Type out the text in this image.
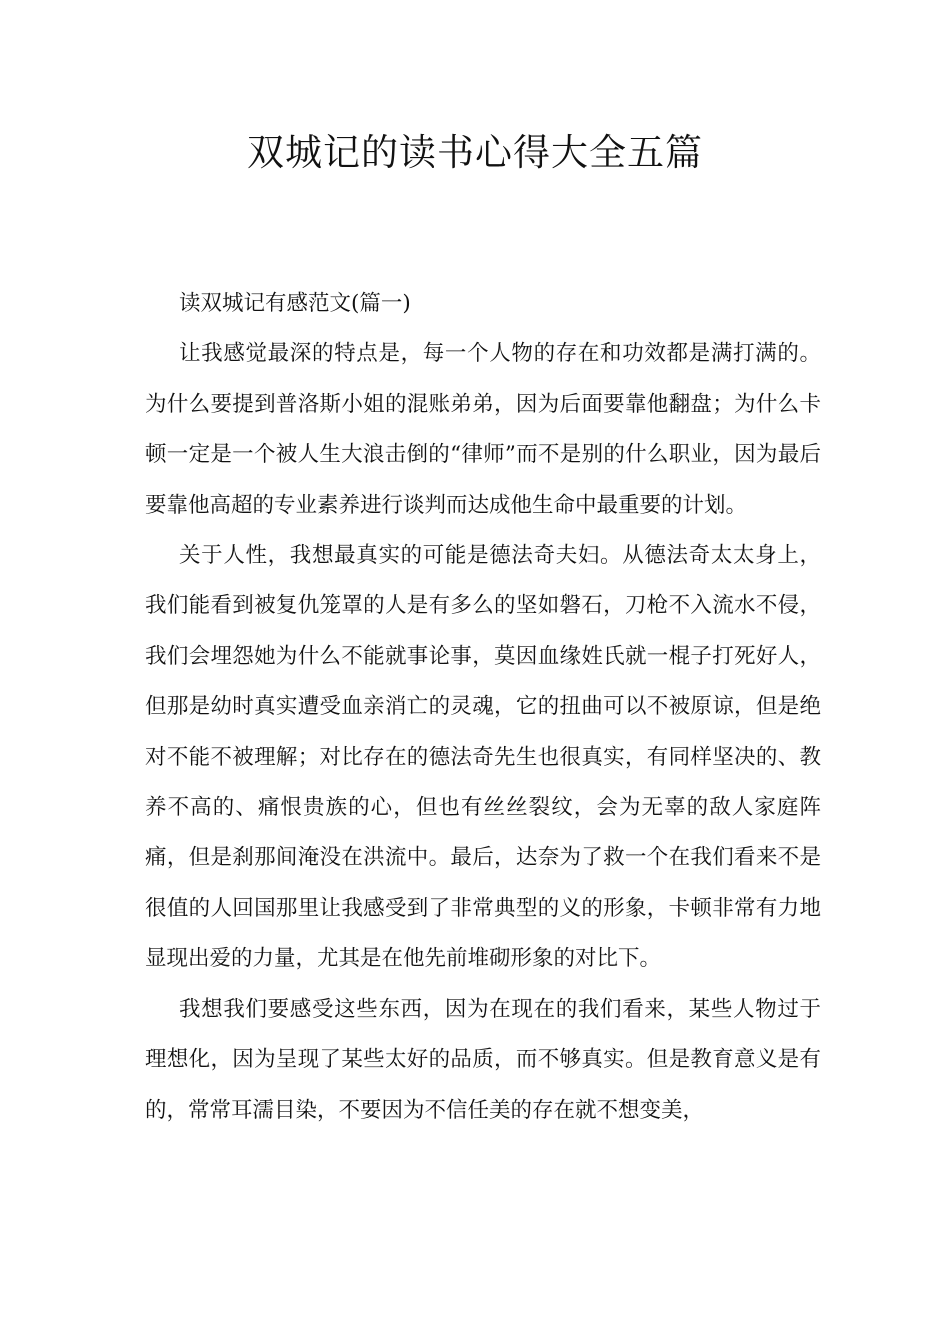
双城记的读书心得大全五篇

读双城记有感范文(篇一)

让我感觉最深的特点是，每一个人物的存在和功效都是满打满的。为什么要提到普洛斯小姐的混账弟弟，因为后面要靠他翻盘；为什么卡顿一定是一个被人生大浪击倒的“律师”而不是别的什么职业，因为最后要靠他高超的专业素养进行谈判而达成他生命中最重要的计划。

关于人性，我想最真实的可能是德法奇夫妇。从德法奇太太身上，我们能看到被复仇笼罩的人是有多么的坚如磐石，刀枪不入流水不侵，我们会埋怨她为什么不能就事论事，莫因血缘姓氏就一棍子打死好人，但那是幼时真实遭受血亲消亡的灵魂，它的扭曲可以不被原谅，但是绝对不能不被理解；对比存在的德法奇先生也很真实，有同样坚决的、教养不高的、痛恨贵族的心，但也有丝丝裂纹，会为无辜的敌人家庭阵痛，但是刹那间淹没在洪流中。最后，达奈为了救一个在我们看来不是很值的人回国那里让我感受到了非常典型的义的形象，卡顿非常有力地显现出爱的力量，尤其是在他先前堆砌形象的对比下。

我想我们要感受这些东西，因为在现在的我们看来，某些人物过于理想化，因为呈现了某些太好的品质，而不够真实。但是教育意义是有的，常常耳濡目染，不要因为不信任美的存在就不想变美，
